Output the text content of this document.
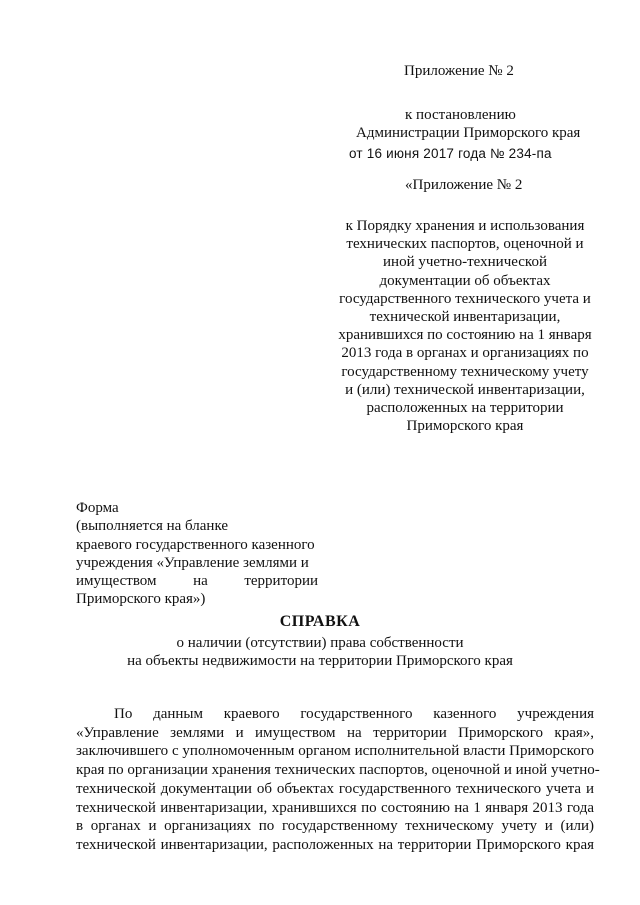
Приложение № 2
к постановлению
Администрации Приморского края
от 16 июня 2017 года № 234-па
«Приложение № 2
к Порядку хранения и использования
технических паспортов, оценочной и
иной учетно-технической
документации об объектах
государственного технического учета и
технической инвентаризации,
хранившихся по состоянию на 1 января
2013 года в органах и организациях по
государственному техническому учету
и (или) технической инвентаризации,
расположенных на территории
Приморского края
Форма
(выполняется на бланке
краевого государственного казенного
учреждения «Управление землями и
имуществом на территории
Приморского края»)
СПРАВКА
о наличии (отсутствии) права собственности
на объекты недвижимости на территории Приморского края
По данным краевого государственного казенного учреждения
«Управление землями и имуществом на территории Приморского края»,
заключившего с уполномоченным органом исполнительной власти Приморского
края по организации хранения технических паспортов, оценочной и иной учетно-
технической документации об объектах государственного технического учета и
технической инвентаризации, хранившихся по состоянию на 1 января 2013 года
в органах и организациях по государственному техническому учету и (или)
технической инвентаризации, расположенных на территории Приморского края
